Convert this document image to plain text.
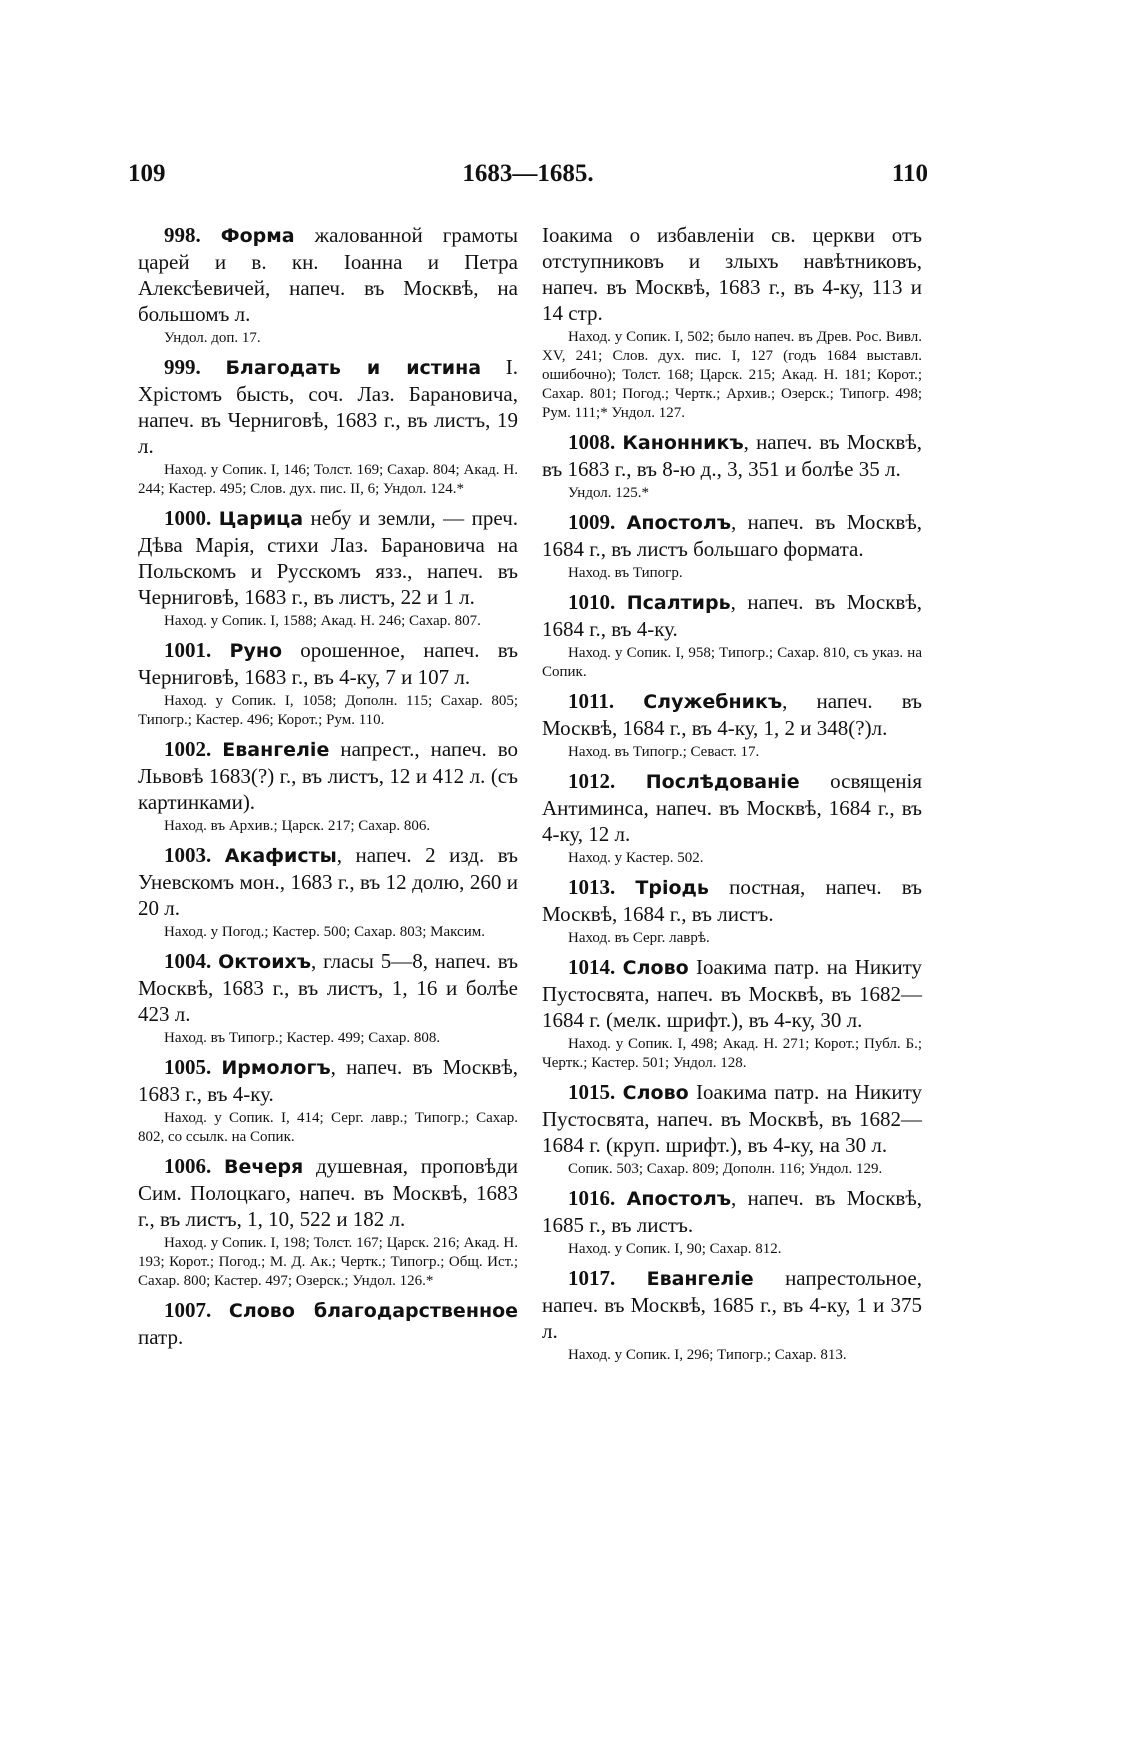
109	1683—1685.	110
998. Форма жалованной грамоты царей и в. кн. Іоанна и Петра Алексѣевичей, напеч. въ Москвѣ, на большомъ л.
Ундол. доп. 17.
999. Благодать и истина І. Хрістомъ бысть, соч. Лаз. Барановича, напеч. въ Черниговѣ, 1683 г., въ листъ, 19 л.
Наход. у Сопик. I, 146; Толст. 169; Сахар. 804; Акад. Н. 244; Кастер. 495; Слов. дух. пис. II, 6; Ундол. 124.*
1000. Царица небу и земли, — преч. Дѣва Марія, стихи Лаз. Барановича на Польскомъ и Русскомъ язз., напеч. въ Черниговѣ, 1683 г., въ листъ, 22 и 1 л.
Наход. у Сопик. I, 1588; Акад. Н. 246; Сахар. 807.
1001. Руно орошенное, напеч. въ Черниговѣ, 1683 г., въ 4-ку, 7 и 107 л.
Наход. у Сопик. I, 1058; Дополн. 115; Сахар. 805; Типогр.; Кастер. 496; Корот.; Рум. 110.
1002. Евангеліе напрест., напеч. во Львовѣ 1683(?) г., въ листъ, 12 и 412 л. (съ картинками).
Наход. въ Архив.; Царск. 217; Сахар. 806.
1003. Акафисты, напеч. 2 изд. въ Уневскомъ мон., 1683 г., въ 12 долю, 260 и 20 л.
Наход. у Погод.; Кастер. 500; Сахар. 803; Максим.
1004. Октоихъ, гласы 5—8, напеч. въ Москвѣ, 1683 г., въ листъ, 1, 16 и болѣе 423 л.
Наход. въ Типогр.; Кастер. 499; Сахар. 808.
1005. Ирмологъ, напеч. въ Москвѣ, 1683 г., въ 4-ку.
Наход. у Сопик. I, 414; Серг. лавр.; Типогр.; Сахар. 802, со ссылк. на Сопик.
1006. Вечеря душевная, проповѣди Сим. Полоцкаго, напеч. въ Москвѣ, 1683 г., въ листъ, 1, 10, 522 и 182 л.
Наход. у Сопик. I, 198; Толст. 167; Царск. 216; Акад. Н. 193; Корот.; Погод.; М. Д. Ак.; Чертк.; Типогр.; Общ. Ист.; Сахар. 800; Кастер. 497; Озерск.; Ундол. 126.*
1007. Слово благодарственное патр.
Іоакима о избавленіи св. церкви отъ отступниковъ и злыхъ навѣтниковъ, напеч. въ Москвѣ, 1683 г., въ 4-ку, 113 и 14 стр.
Наход. у Сопик. I, 502; было напеч. въ Древ. Рос. Вивл. XV, 241; Слов. дух. пис. I, 127 (годъ 1684 выставл. ошибочно); Толст. 168; Царск. 215; Акад. Н. 181; Корот.; Сахар. 801; Погод.; Чертк.; Архив.; Озерск.; Типогр. 498; Рум. 111;* Ундол. 127.
1008. Канонникъ, напеч. въ Москвѣ, въ 1683 г., въ 8-ю д., 3, 351 и болѣе 35 л.
Ундол. 125.*
1009. Апостолъ, напеч. въ Москвѣ, 1684 г., въ листъ большаго формата.
Наход. въ Типогр.
1010. Псалтирь, напеч. въ Москвѣ, 1684 г., въ 4-ку.
Наход. у Сопик. I, 958; Типогр.; Сахар. 810, съ указ. на Сопик.
1011. Служебникъ, напеч. въ Москвѣ, 1684 г., въ 4-ку, 1, 2 и 348(?)л.
Наход. въ Типогр.; Севаст. 17.
1012. Послѣдованіе освященія Антиминса, напеч. въ Москвѣ, 1684 г., въ 4-ку, 12 л.
Наход. у Кастер. 502.
1013. Тріодь постная, напеч. въ Москвѣ, 1684 г., въ листъ.
Наход. въ Серг. лаврѣ.
1014. Слово Іоакима патр. на Никиту Пустосвята, напеч. въ Москвѣ, въ 1682—1684 г. (мелк. шрифт.), въ 4-ку, 30 л.
Наход. у Сопик. I, 498; Акад. Н. 271; Корот.; Публ. Б.; Чертк.; Кастер. 501; Ундол. 128.
1015. Слово Іоакима патр. на Никиту Пустосвята, напеч. въ Москвѣ, въ 1682—1684 г. (круп. шрифт.), въ 4-ку, на 30 л.
Сопик. 503; Сахар. 809; Дополн. 116; Ундол. 129.
1016. Апостолъ, напеч. въ Москвѣ, 1685 г., въ листъ.
Наход. у Сопик. I, 90; Сахар. 812.
1017. Евангеліе напрестольное, напеч. въ Москвѣ, 1685 г., въ 4-ку, 1 и 375 л.
Наход. у Сопик. I, 296; Типогр.; Сахар. 813.
